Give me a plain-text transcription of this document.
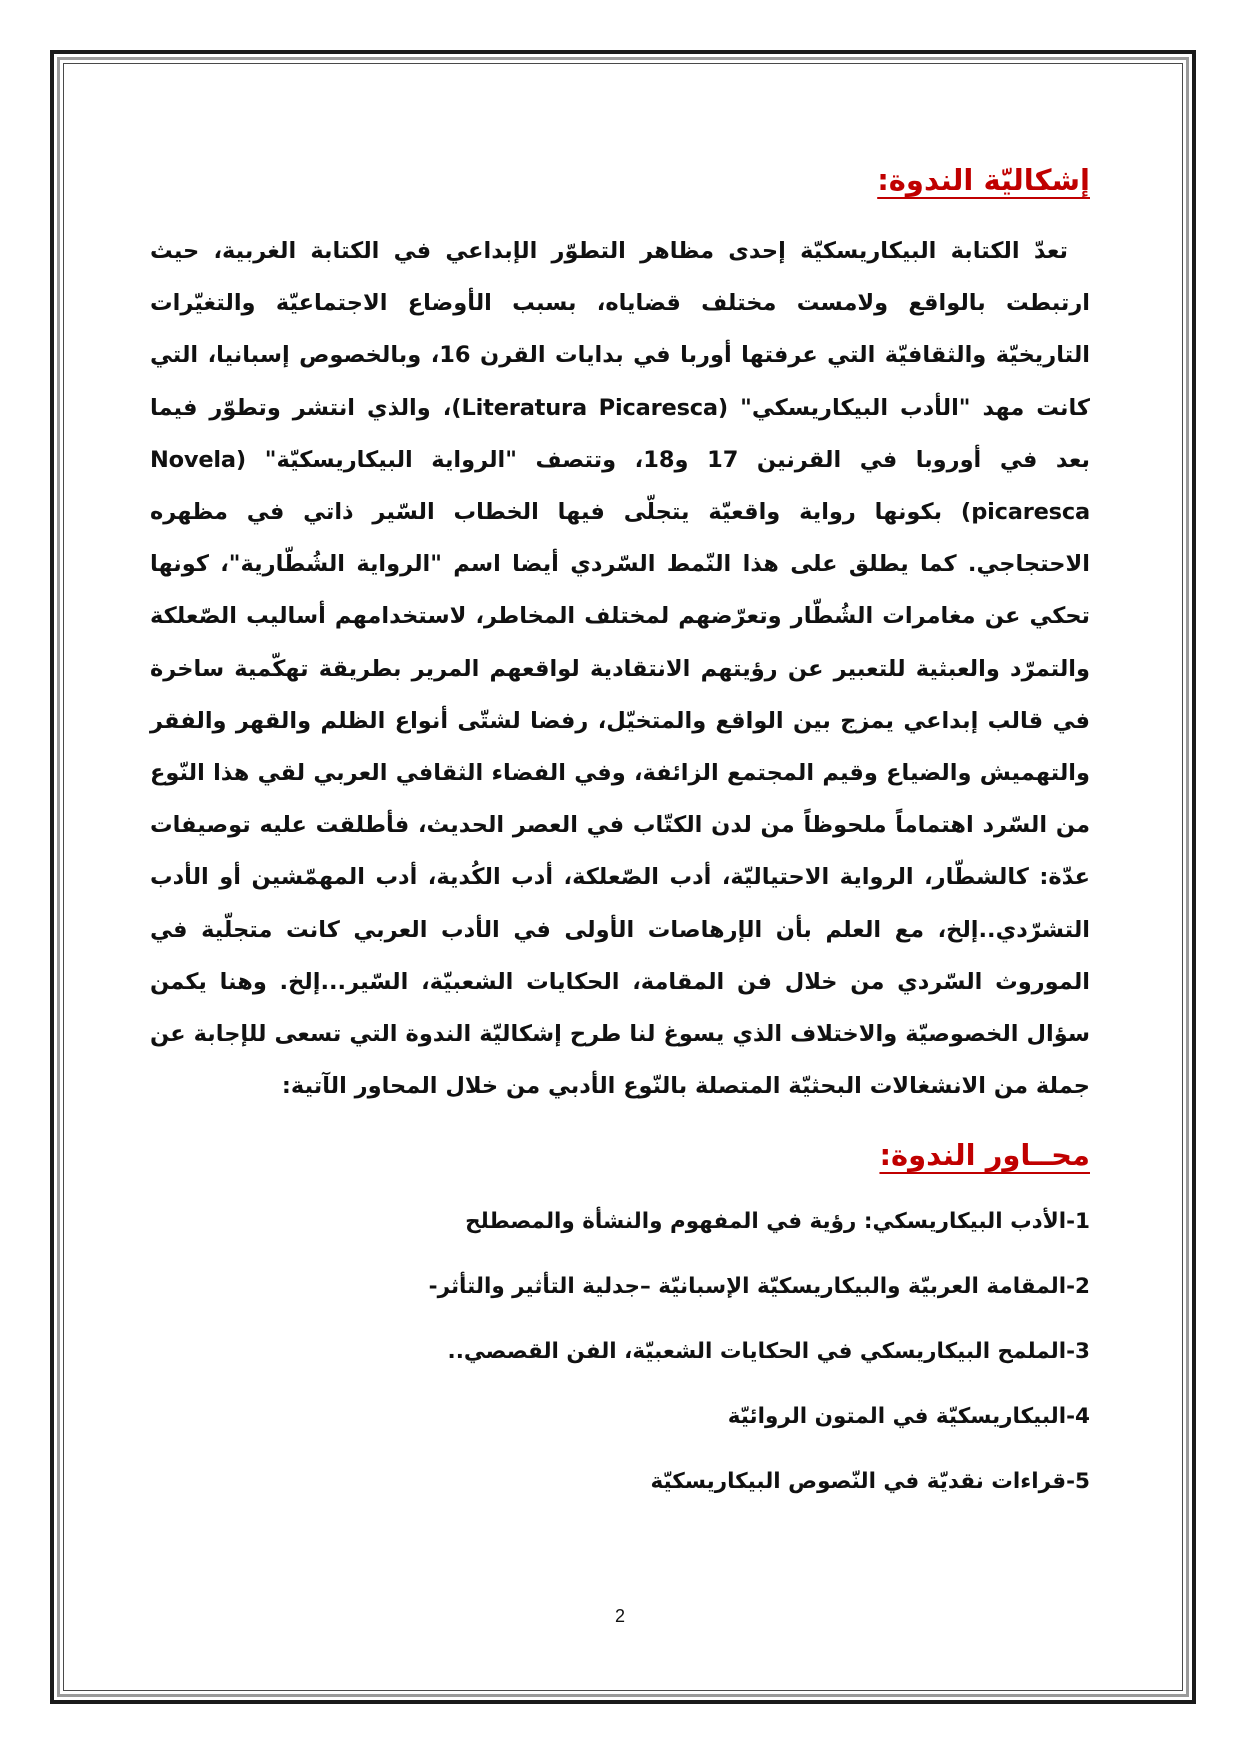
إشكاليّة الندوة:

تعدّ الكتابة البيكاريسكيّة إحدى مظاهر التطوّر الإبداعي في الكتابة الغربية، حيث ارتبطت بالواقع ولامست مختلف قضاياه، بسبب الأوضاع الاجتماعيّة والتغيّرات التاريخيّة والثقافيّة التي عرفتها أوربا في بدايات القرن 16، وبالخصوص إسبانيا، التي كانت مهد "الأدب البيكاريسكي" (Literatura Picaresca)، والذي انتشر وتطوّر فيما بعد في أوروبا في القرنين 17 و18، وتتصف "الرواية البيكاريسكيّة" (Novela picaresca) بكونها رواية واقعيّة يتجلّى فيها الخطاب السّير ذاتي في مظهره الاحتجاجي. كما يطلق على هذا النّمط السّردي أيضا اسم "الرواية الشُطّارية"، كونها تحكي عن مغامرات الشُطّار وتعرّضهم لمختلف المخاطر، لاستخدامهم أساليب الصّعلكة والتمرّد والعبثية للتعبير عن رؤيتهم الانتقادية لواقعهم المرير بطريقة تهكّمية ساخرة في قالب إبداعي يمزج بين الواقع والمتخيّل، رفضا لشتّى أنواع الظلم والقهر والفقر والتهميش والضياع وقيم المجتمع الزائفة، وفي الفضاء الثقافي العربي لقي هذا النّوع من السّرد اهتماماً ملحوظاً من لدن الكتّاب في العصر الحديث، فأطلقت عليه توصيفات عدّة: كالشطّار، الرواية الاحتياليّة، أدب الصّعلكة، أدب الكُدية، أدب المهمّشين أو الأدب التشرّدي..إلخ، مع العلم بأن الإرهاصات الأولى في الأدب العربي كانت متجلّية في الموروث السّردي من خلال فن المقامة، الحكايات الشعبيّة، السّير...إلخ. وهنا يكمن سؤال الخصوصيّة والاختلاف الذي يسوغ لنا طرح إشكاليّة الندوة التي تسعى للإجابة عن جملة من الانشغالات البحثيّة المتصلة بالنّوع الأدبي من خلال المحاور الآتية:

محــاور الندوة:
1-الأدب البيكاريسكي: رؤية في المفهوم والنشأة والمصطلح
2-المقامة العربيّة والبيكاريسكيّة الإسبانيّة –جدلية التأثير والتأثر-
3-الملمح البيكاريسكي في الحكايات الشعبيّة، الفن القصصي..
4-البيكاريسكيّة في المتون الروائيّة
5-قراءات نقديّة في النّصوص البيكاريسكيّة
2
